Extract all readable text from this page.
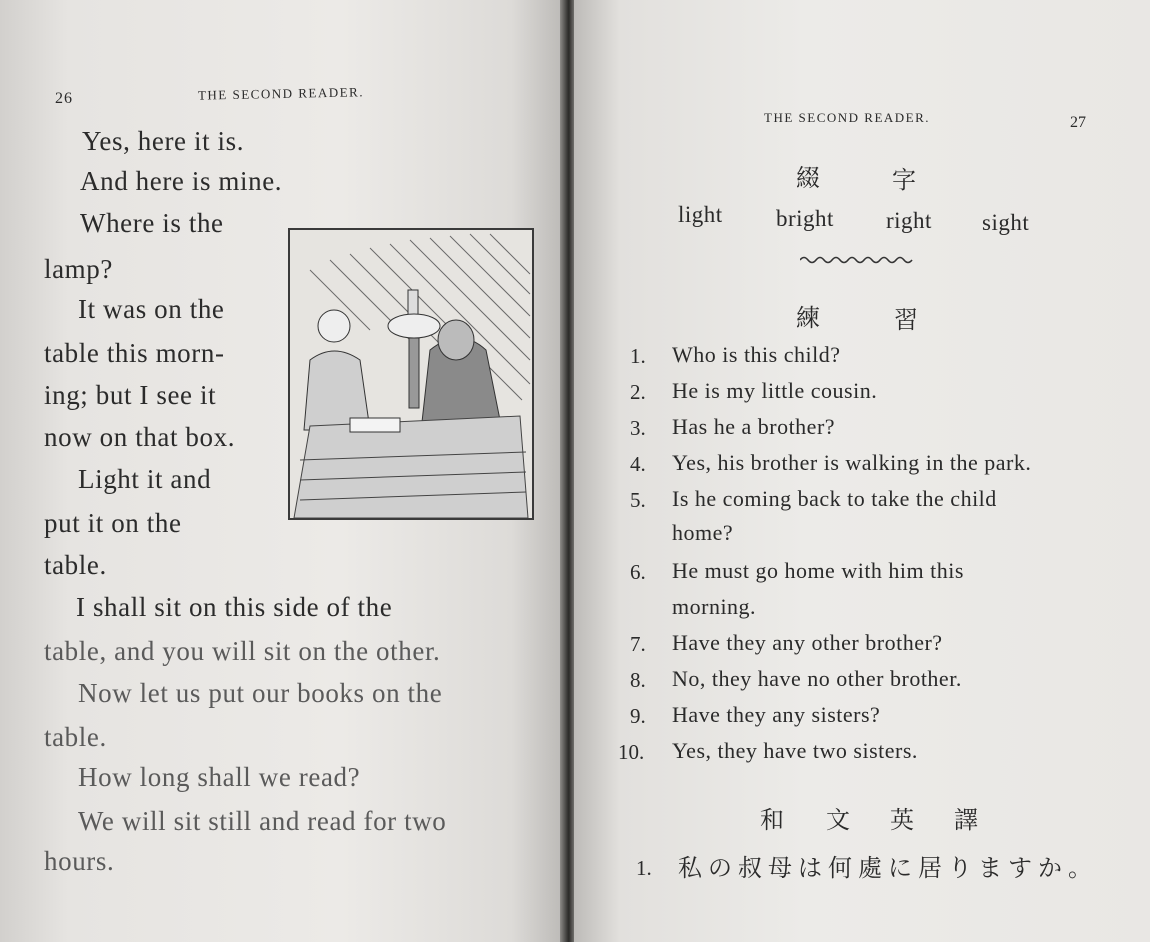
26	THE SECOND READER.
Yes, here it is.
And here is mine.
Where is the
lamp?
It was on the
table this morn-
ing; but I see it
now on that box.
Light it and
put it on the
table.
I shall sit on this side of the
table, and you will sit on the other.
Now let us put our books on the
table.
How long shall we read?
We will sit still and read for two
hours.
THE SECOND READER.	27
綴	字
light bright right sight
練	習
1. Who is this child?
2. He is my little cousin.
3. Has he a brother?
4. Yes, his brother is walking in the park.
5. Is he coming back to take the child
home?
6. He must go home with him this
morning.
7. Have they any other brother?
8. No, they have no other brother.
9. Have they any sisters?
10. Yes, they have two sisters.
和 文 英 譯
1. 私の叔母は何處に居りますか。
